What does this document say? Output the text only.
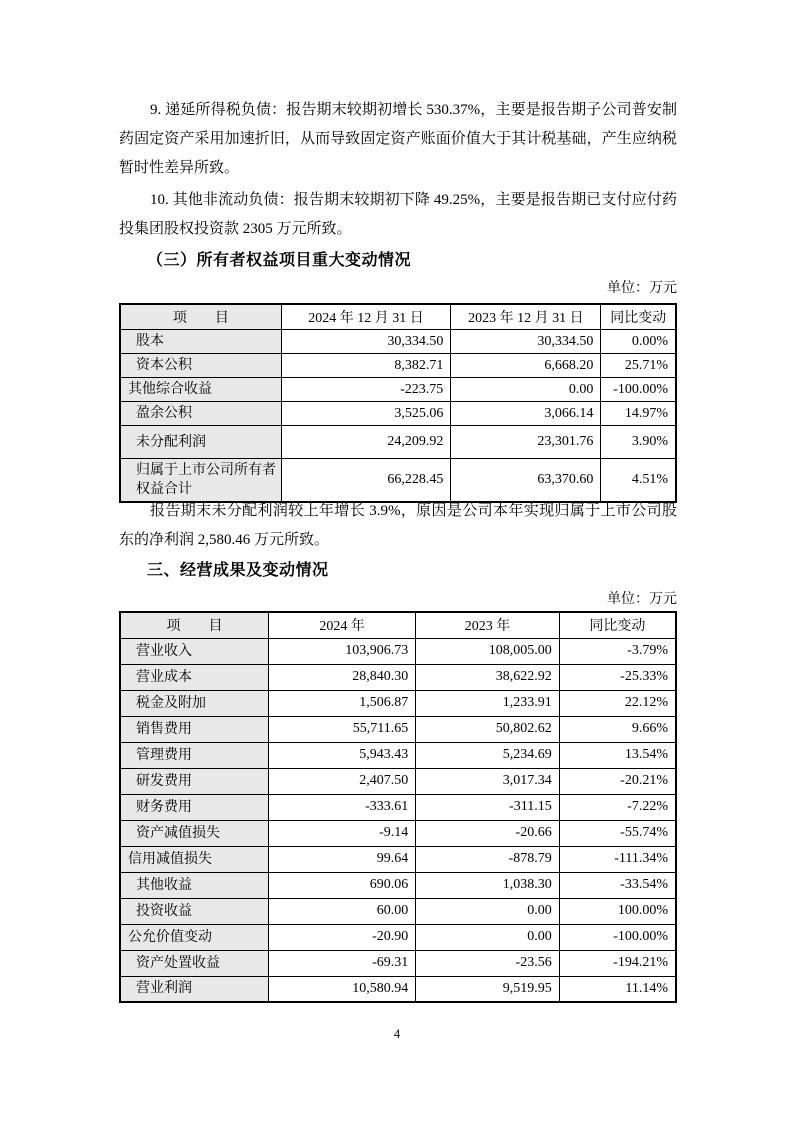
9. 递延所得税负债：报告期末较期初增长 530.37%，主要是报告期子公司普安制药固定资产采用加速折旧，从而导致固定资产账面价值大于其计税基础，产生应纳税暂时性差异所致。

10. 其他非流动负债：报告期末较期初下降 49.25%，主要是报告期已支付应付药投集团股权投资款 2305 万元所致。

（三）所有者权益项目重大变动情况
单位：万元
项　　目	2024 年 12 月 31 日	2023 年 12 月 31 日	同比变动
股本	30,334.50	30,334.50	0.00%
资本公积	8,382.71	6,668.20	25.71%
其他综合收益	-223.75	0.00	-100.00%
盈余公积	3,525.06	3,066.14	14.97%
未分配利润	24,209.92	23,301.76	3.90%
归属于上市公司所有者权益合计	66,228.45	63,370.60	4.51%

报告期末未分配利润较上年增长 3.9%，原因是公司本年实现归属于上市公司股东的净利润 2,580.46 万元所致。

三、经营成果及变动情况
单位：万元
项　　目	2024 年	2023 年	同比变动
营业收入	103,906.73	108,005.00	-3.79%
营业成本	28,840.30	38,622.92	-25.33%
税金及附加	1,506.87	1,233.91	22.12%
销售费用	55,711.65	50,802.62	9.66%
管理费用	5,943.43	5,234.69	13.54%
研发费用	2,407.50	3,017.34	-20.21%
财务费用	-333.61	-311.15	-7.22%
资产减值损失	-9.14	-20.66	-55.74%
信用减值损失	99.64	-878.79	-111.34%
其他收益	690.06	1,038.30	-33.54%
投资收益	60.00	0.00	100.00%
公允价值变动	-20.90	0.00	-100.00%
资产处置收益	-69.31	-23.56	-194.21%
营业利润	10,580.94	9,519.95	11.14%
4
